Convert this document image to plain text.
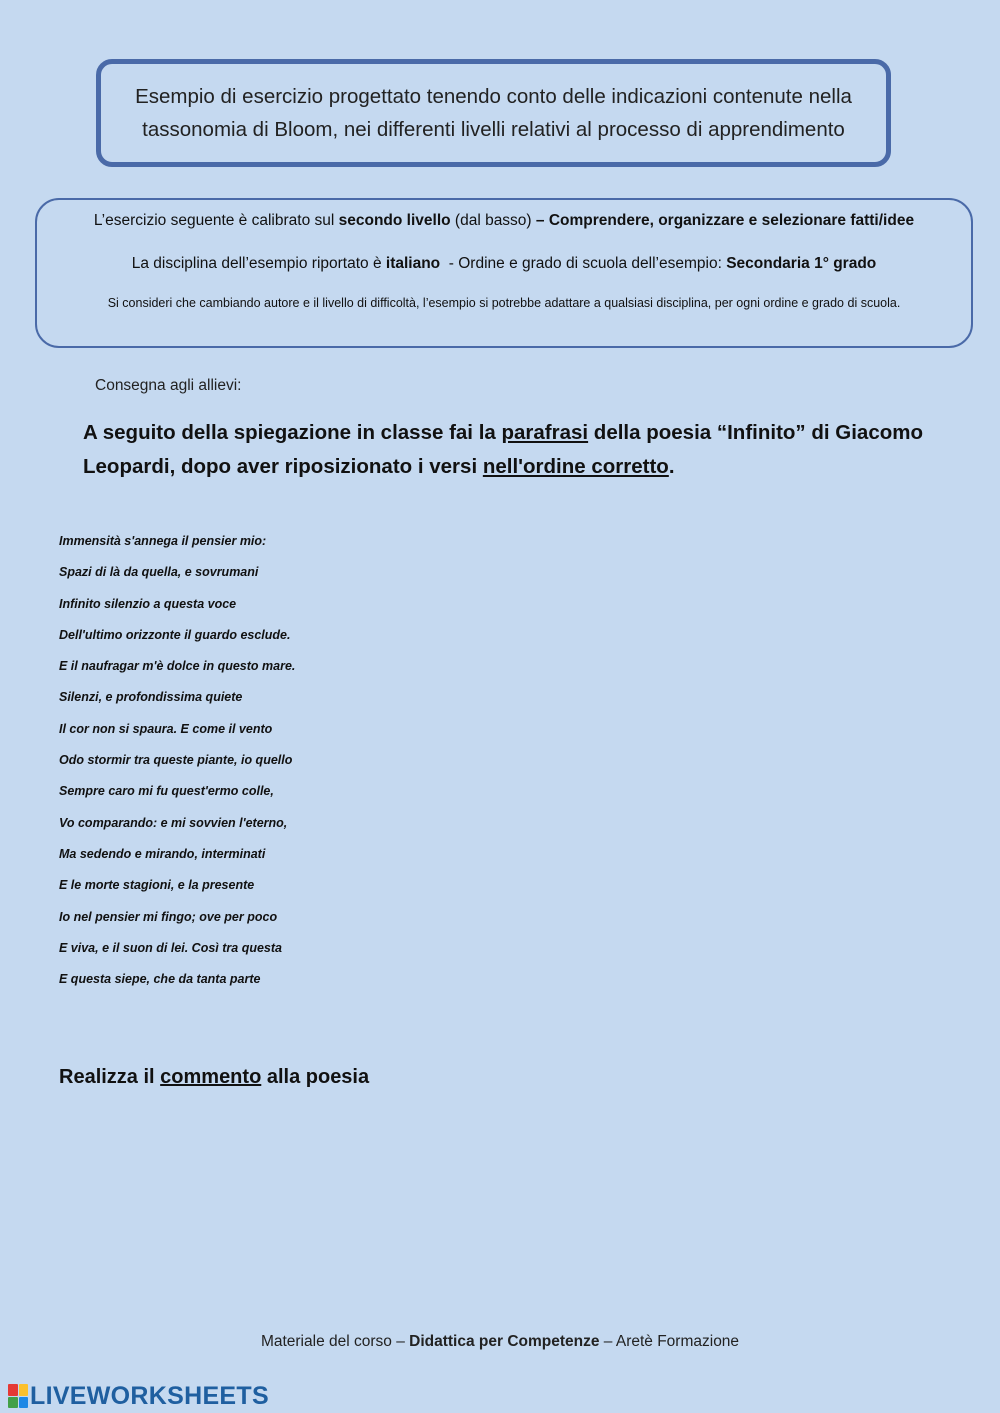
Esempio di esercizio progettato tenendo conto delle indicazioni contenute nella tassonomia di Bloom, nei differenti livelli relativi al processo di apprendimento
L’esercizio seguente è calibrato sul secondo livello (dal basso) – Comprendere, organizzare e selezionare fatti/idee
La disciplina dell’esempio riportato è italiano  - Ordine e grado di scuola dell’esempio: Secondaria 1° grado
Si consideri che cambiando autore e il livello di difficoltà, l’esempio si potrebbe adattare a qualsiasi disciplina, per ogni ordine e grado di scuola.
Consegna agli allievi:
A seguito della spiegazione in classe fai la parafrasi della poesia “Infinito” di Giacomo Leopardi, dopo aver riposizionato i versi nell'ordine corretto.
Immensità s'annega il pensier mio:
Spazi di là da quella, e sovrumani
Infinito silenzio a questa voce
Dell'ultimo orizzonte il guardo esclude.
E il naufragar m'è dolce in questo mare.
Silenzi, e profondissima quiete
Il cor non si spaura. E come il vento
Odo stormir tra queste piante, io quello
Sempre caro mi fu quest'ermo colle,
Vo comparando: e mi sovvien l'eterno,
Ma sedendo e mirando, interminati
E le morte stagioni, e la presente
Io nel pensier mi fingo; ove per poco
E viva, e il suon di lei. Così tra questa
E questa siepe, che da tanta parte
Realizza il commento alla poesia
Materiale del corso – Didattica per Competenze – Aretè Formazione
LIVEWORKSHEETS
